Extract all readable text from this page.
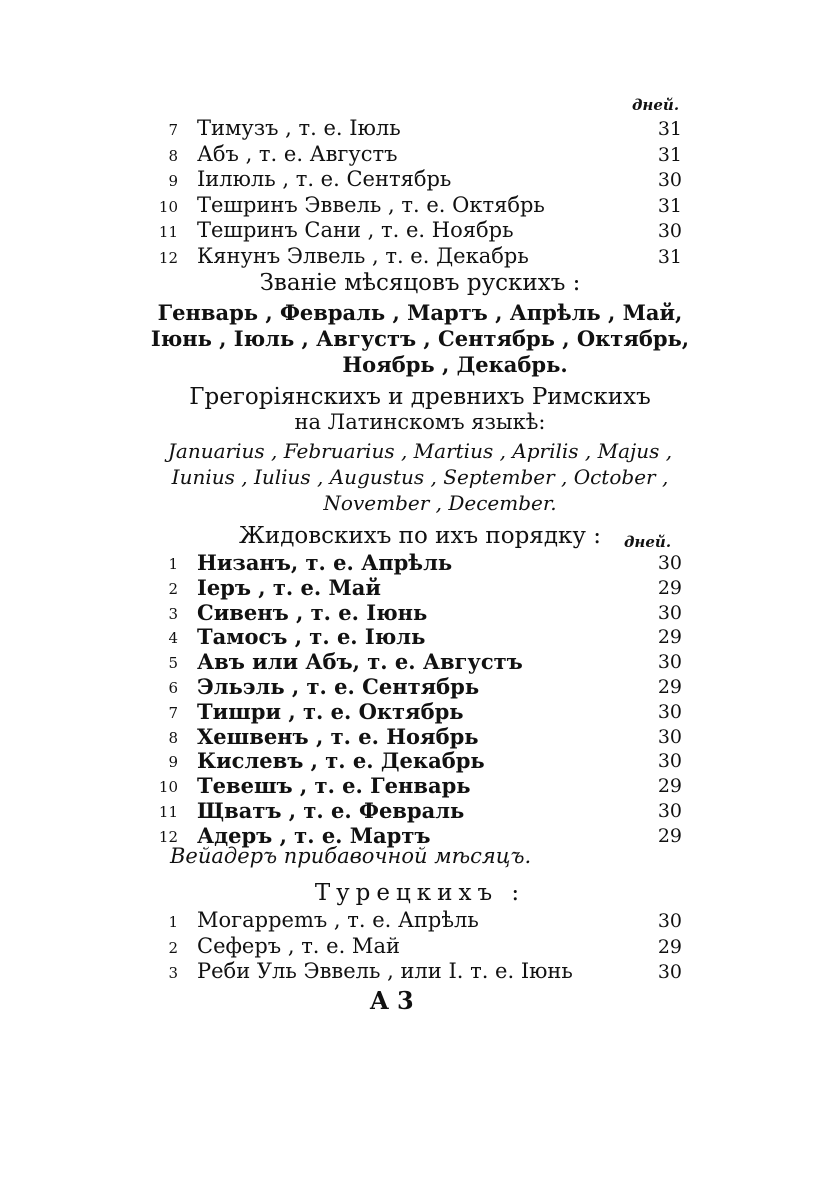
дней.
7 Тимузъ , т. е. Іюль	31
8 Абъ , т. е. Августъ	31
9 Іилюль , т. е. Сентябрь	30
10 Тешринъ Эввель , т. е. Октябрь	31
11 Тешринъ Сани , т. е. Ноябрь	30
12 Кянунъ Элвель , т. е. Декабрь	31
Званіе мѣсяцовъ рускихъ :
Генварь , Февраль , Мартъ , Апрѣль , Май,
Іюнь , Іюль , Августъ , Сентябрь , Октябрь,
Ноябрь , Декабрь.
Грегоріянскихъ и древнихъ Римскихъ
на Латинскомъ языкѣ:
Januarius , Februarius , Martius , Aprilis , Majus ,
Iunius , Iulius , Augustus , September , October ,
November , December.
Жидовскихъ по ихъ порядку : дней.
1 Низанъ, т. е. Апрѣль	30
2 Іеръ , т. е. Май	29
3 Сивенъ , т. е. Іюнь	30
4 Тамосъ , т. е. Іюль	29
5 Авъ или Абъ, т. е. Августъ	30
6 Эльэль , т. е. Сентябрь	29
7 Тишри , т. е. Октябрь	30
8 Хешвенъ , т. е. Ноябрь	30
9 Кислевъ , т. е. Декабрь	30
10 Тевешъ , т. е. Генварь	29
11 Щватъ , т. е. Февраль	30
12 Адеръ , т. е. Мартъ	29
Вейадеръ прибавочной мѣсяцъ.
Турецкихъ :
1 Могаррemъ , т. е. Апрѣль	30
2 Сеферъ , т. е. Май	29
3 Реби Уль Эввель , или І. т. е. Іюнь	30
A 3
